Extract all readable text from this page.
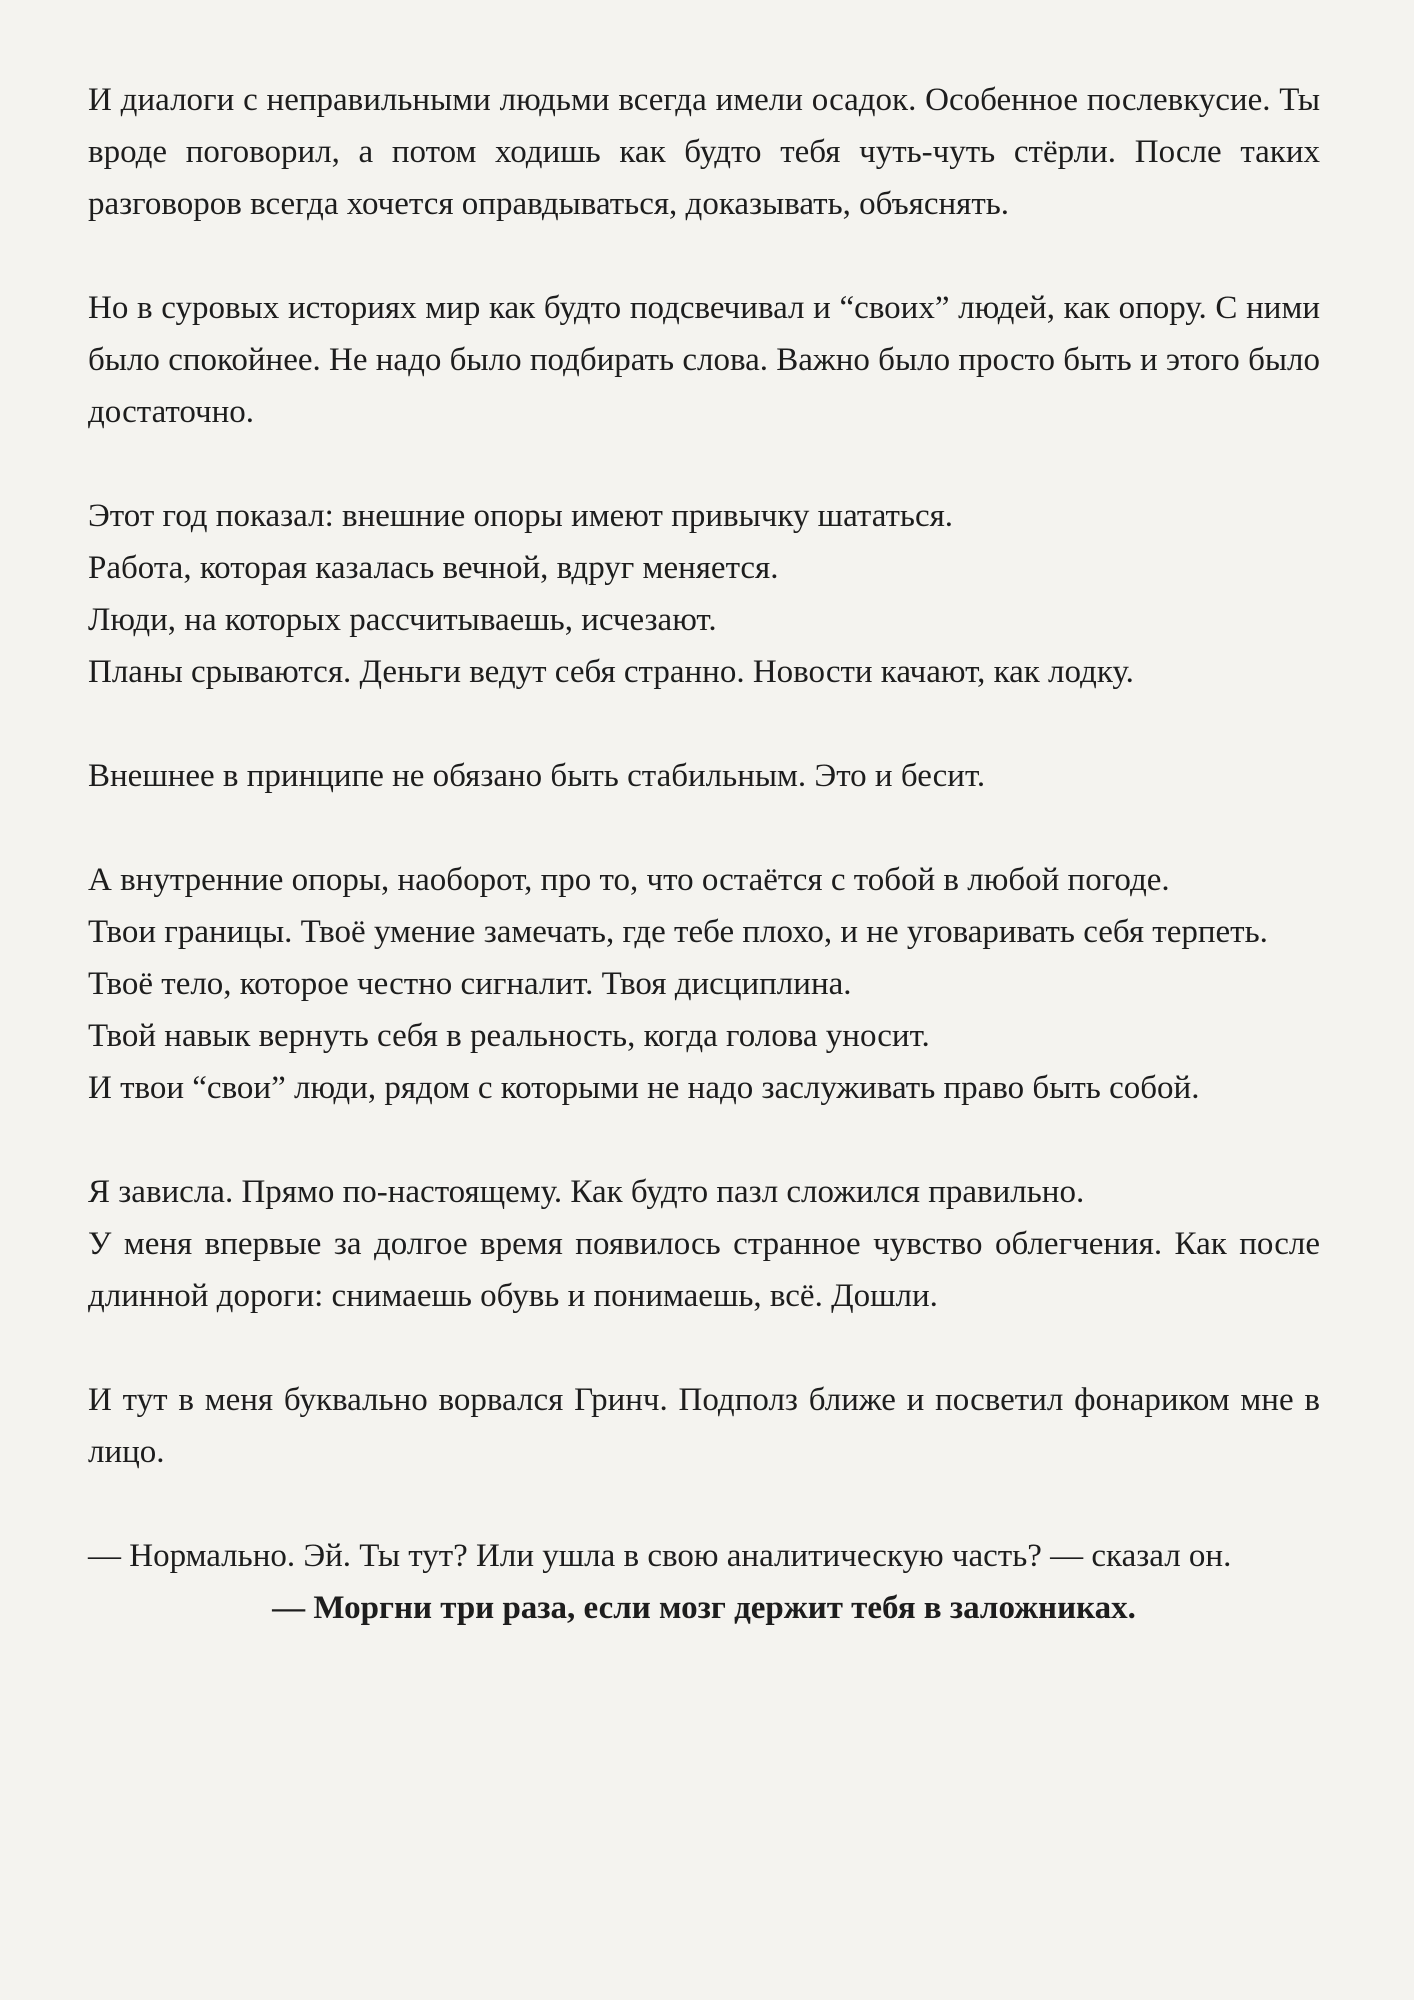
И диалоги с неправильными людьми всегда имели осадок. Особенное послевкусие. Ты вроде поговорил, а потом ходишь как будто тебя чуть-чуть стёрли. После таких разговоров всегда хочется оправдываться, доказывать, объяснять.

Но в суровых историях мир как будто подсвечивал и “своих” людей, как опору. С ними было спокойнее. Не надо было подбирать слова. Важно было просто быть и этого было достаточно.

Этот год показал: внешние опоры имеют привычку шататься.
Работа, которая казалась вечной, вдруг меняется.
Люди, на которых рассчитываешь, исчезают.
Планы срываются. Деньги ведут себя странно. Новости качают, как лодку.

Внешнее в принципе не обязано быть стабильным. Это и бесит.

А внутренние опоры, наоборот, про то, что остаётся с тобой в любой погоде.
Твои границы. Твоё умение замечать, где тебе плохо, и не уговаривать себя терпеть.
Твоё тело, которое честно сигналит. Твоя дисциплина.
Твой навык вернуть себя в реальность, когда голова уносит.
И твои “свои” люди, рядом с которыми не надо заслуживать право быть собой.
Я зависла. Прямо по-настоящему. Как будто пазл сложился правильно.
У меня впервые за долгое время появилось странное чувство облегчения. Как после длинной дороги: снимаешь обувь и понимаешь, всё. Дошли.

И тут в меня буквально ворвался Гринч. Подполз ближе и посветил фонариком мне в лицо.

— Нормально. Эй. Ты тут? Или ушла в свою аналитическую часть? — сказал он.

— Моргни три раза, если мозг держит тебя в заложниках.
